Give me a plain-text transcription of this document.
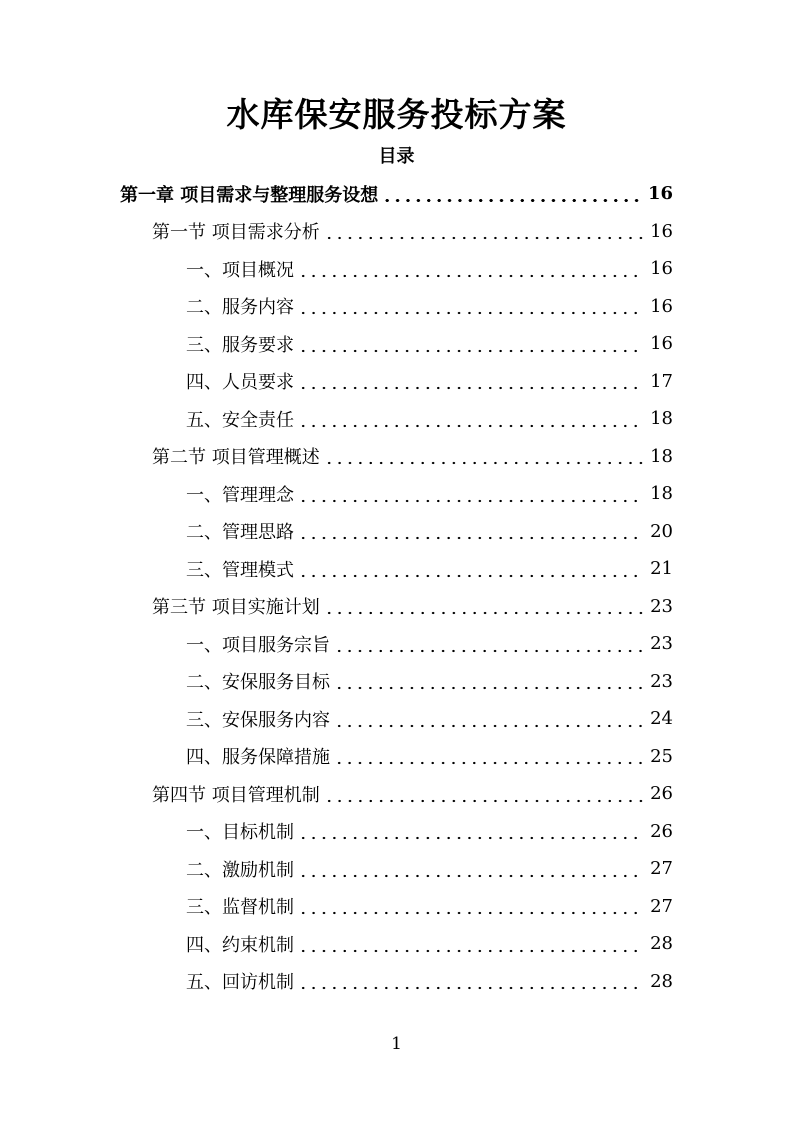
水库保安服务投标方案
目录
第一章 项目需求与整理服务设想	16
第一节 项目需求分析	16
一、项目概况	16
二、服务内容	16
三、服务要求	16
四、人员要求	17
五、安全责任	18
第二节 项目管理概述	18
一、管理理念	18
二、管理思路	20
三、管理模式	21
第三节 项目实施计划	23
一、项目服务宗旨	23
二、安保服务目标	23
三、安保服务内容	24
四、服务保障措施	25
第四节 项目管理机制	26
一、目标机制	26
二、激励机制	27
三、监督机制	27
四、约束机制	28
五、回访机制	28
1
